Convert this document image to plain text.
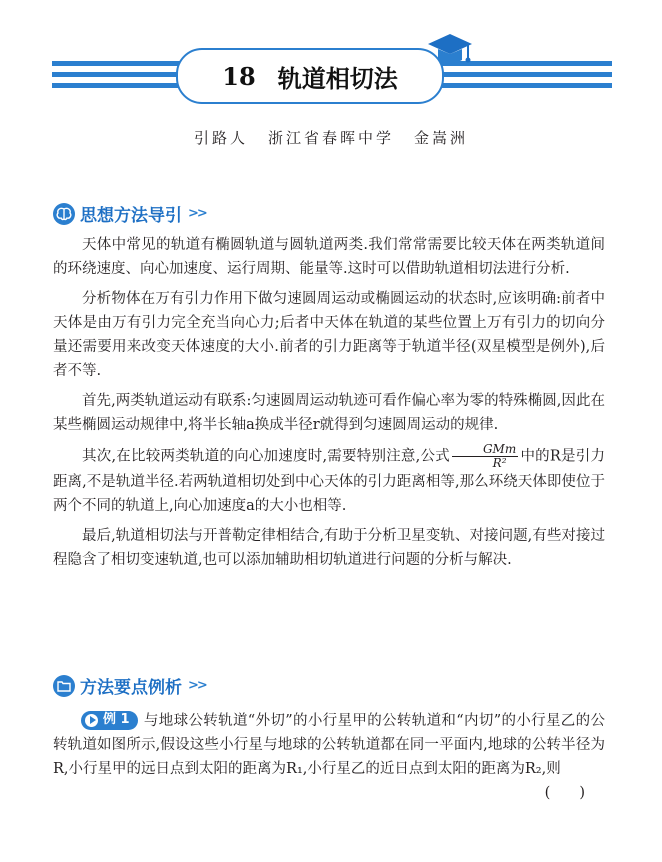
18 轨道相切法
引路人 浙江省春晖中学 金嵩洲
思想方法导引 >>

天体中常见的轨道有椭圆轨道与圆轨道两类.我们常常需要比较天体在两类轨道间的环绕速度、向心加速度、运行周期、能量等.这时可以借助轨道相切法进行分析.

分析物体在万有引力作用下做匀速圆周运动或椭圆运动的状态时,应该明确:前者中天体是由万有引力完全充当向心力;后者中天体在轨道的某些位置上万有引力的切向分量还需要用来改变天体速度的大小.前者的引力距离等于轨道半径(双星模型是例外),后者不等.

首先,两类轨道运动有联系:匀速圆周运动轨迹可看作偏心率为零的特殊椭圆,因此在某些椭圆运动规律中,将半长轴a换成半径r就得到匀速圆周运动的规律.

其次,在比较两类轨道的向心加速度时,需要特别注意,公式 $\frac{\text{GMm}}{\text{R²}}$ 中的R是引力距离,不是轨道半径.若两轨道相切处到中心天体的引力距离相等,那么环绕天体即使位于两个不同的轨道上,向心加速度a的大小也相等.

最后,轨道相切法与开普勒定律相结合,有助于分析卫星变轨、对接问题,有些对接过程隐含了相切变速轨道,也可以添加辅助相切轨道进行问题的分析与解决.

方法要点例析 >>
例 1 与地球公转轨道“外切”的小行星甲的公转轨道和“内切”的小行星乙的公转轨道如图所示,假设这些小行星与地球的公转轨道都在同一平面内,地球的公转半径为R,小行星甲的远日点到太阳的距离为R₁,小行星乙的近日点到太阳的距离为R₂,则
(　　)
